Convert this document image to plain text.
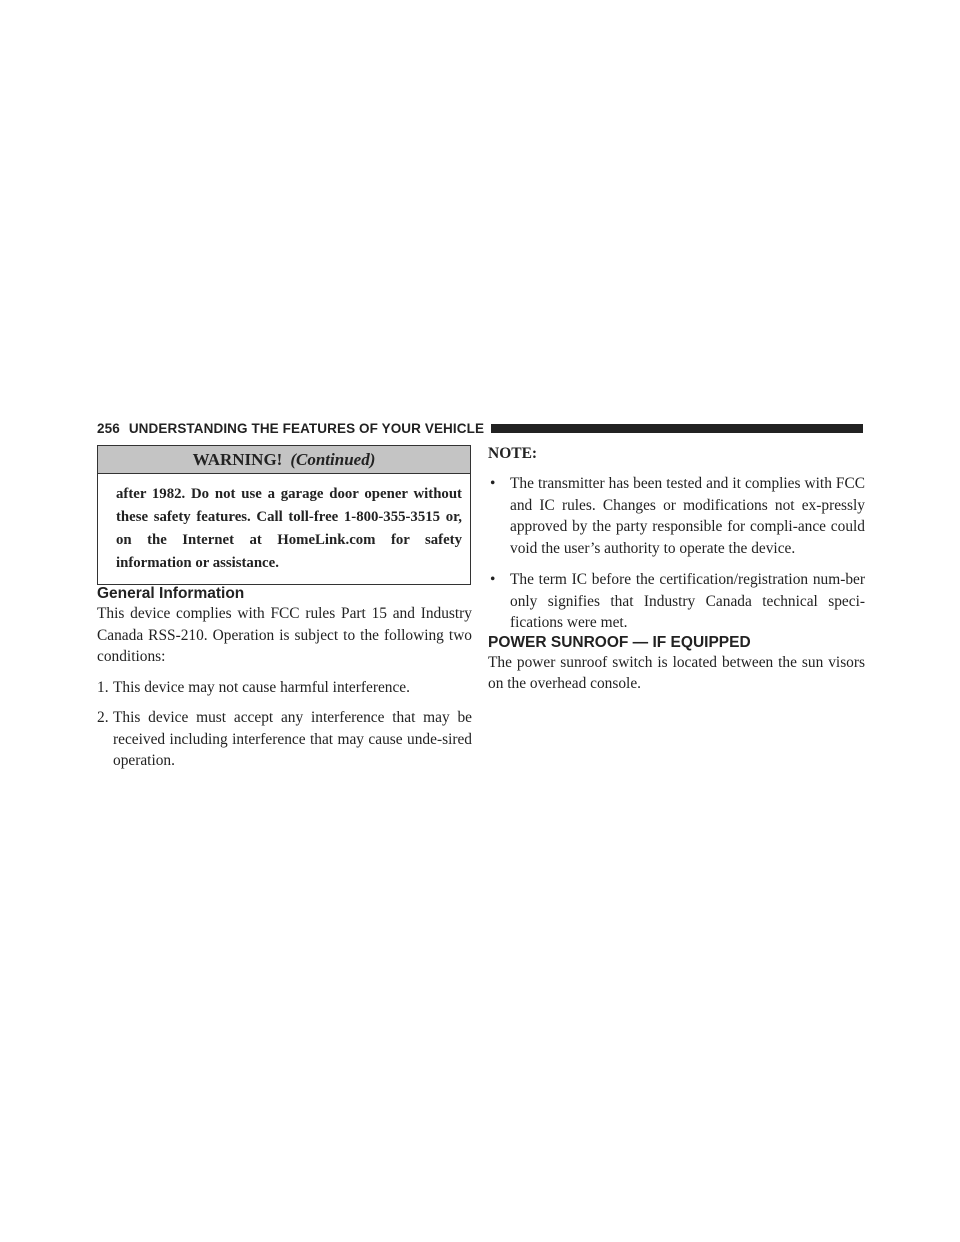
256 UNDERSTANDING THE FEATURES OF YOUR VEHICLE
WARNING! (Continued)
after 1982. Do not use a garage door opener without these safety features. Call toll-free 1-800-355-3515 or, on the Internet at HomeLink.com for safety information or assistance.
General Information

This device complies with FCC rules Part 15 and Industry Canada RSS-210. Operation is subject to the following two conditions:

1. This device may not cause harmful interference.
2. This device must accept any interference that may be received including interference that may cause unde-sired operation.
NOTE:
• The transmitter has been tested and it complies with FCC and IC rules. Changes or modifications not ex-pressly approved by the party responsible for compli-ance could void the user’s authority to operate the device.
• The term IC before the certification/registration num-ber only signifies that Industry Canada technical speci-fications were met.
POWER SUNROOF — IF EQUIPPED

The power sunroof switch is located between the sun visors on the overhead console.
